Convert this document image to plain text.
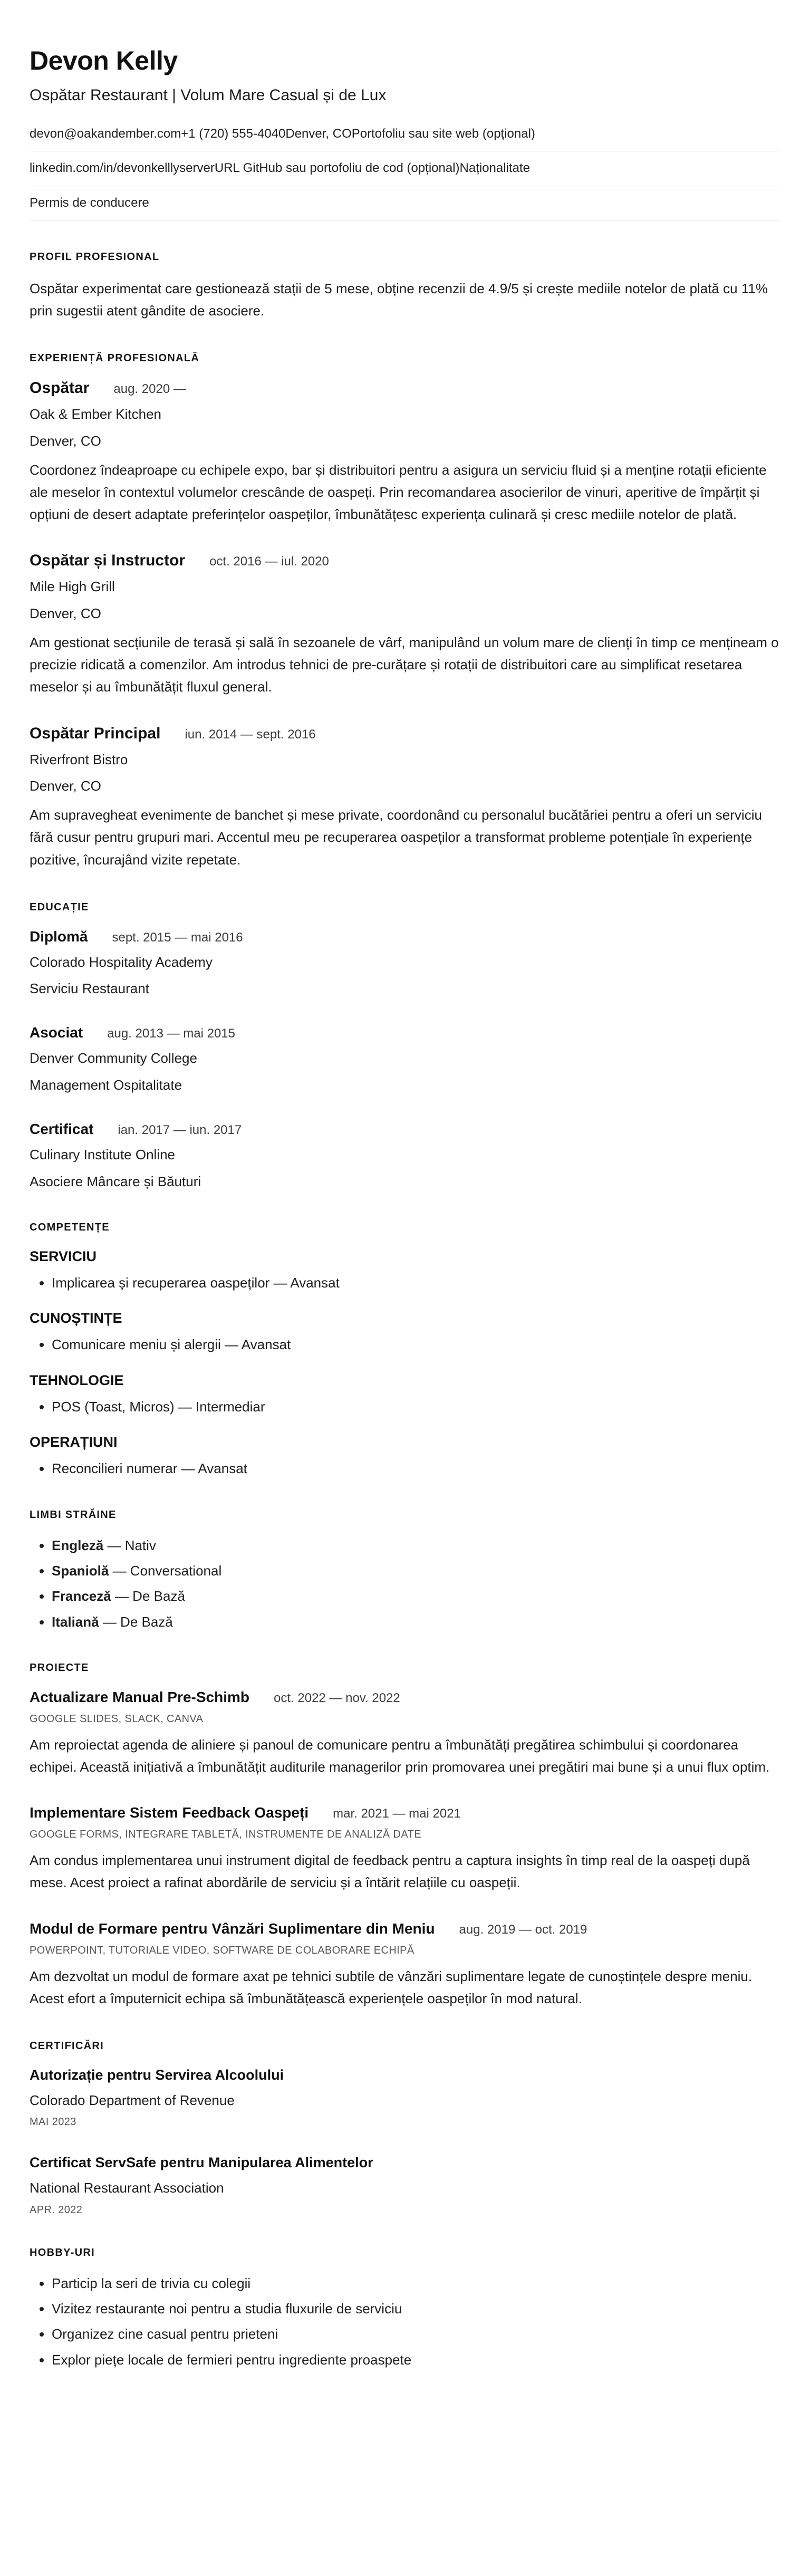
Devon Kelly
Ospătar Restaurant | Volum Mare Casual și de Lux
devon@oakandember.com+1 (720) 555-4040Denver, COPortofoliu sau site web (opțional)
linkedin.com/in/devonkelllyserverURL GitHub sau portofoliu de cod (opțional)Naționalitate
Permis de conducere
PROFIL PROFESIONAL

Ospătar experimentat care gestionează stații de 5 mese, obține recenzii de 4.9/5 și crește mediile notelor de plată cu 11% prin sugestii atent gândite de asociere.

EXPERIENȚĂ PROFESIONALĂ
Ospătar aug. 2020 —
Oak & Ember Kitchen
Denver, CO

Coordonez îndeaproape cu echipele expo, bar și distribuitori pentru a asigura un serviciu fluid și a menține rotații eficiente ale meselor în contextul volumelor crescânde de oaspeți. Prin recomandarea asocierilor de vinuri, aperitive de împărțit și opțiuni de desert adaptate preferințelor oaspeților, îmbunătățesc experiența culinară și cresc mediile notelor de plată.

Ospătar și Instructor oct. 2016 — iul. 2020
Mile High Grill
Denver, CO

Am gestionat secțiunile de terasă și sală în sezoanele de vârf, manipulând un volum mare de clienți în timp ce mențineam o precizie ridicată a comenzilor. Am introdus tehnici de pre-curățare și rotații de distribuitori care au simplificat resetarea meselor și au îmbunătățit fluxul general.

Ospătar Principal iun. 2014 — sept. 2016
Riverfront Bistro
Denver, CO

Am supravegheat evenimente de banchet și mese private, coordonând cu personalul bucătăriei pentru a oferi un serviciu fără cusur pentru grupuri mari. Accentul meu pe recuperarea oaspeților a transformat probleme potențiale în experiențe pozitive, încurajând vizite repetate.

EDUCAȚIE
Diplomă sept. 2015 — mai 2016
Colorado Hospitality Academy
Serviciu Restaurant
Asociat aug. 2013 — mai 2015
Denver Community College
Management Ospitalitate
Certificat ian. 2017 — iun. 2017
Culinary Institute Online
Asociere Mâncare și Băuturi
COMPETENȚE
SERVICIU
• Implicarea și recuperarea oaspeților — Avansat
CUNOȘTINȚE
• Comunicare meniu și alergii — Avansat
TEHNOLOGIE
• POS (Toast, Micros) — Intermediar
OPERAȚIUNI
• Reconcilieri numerar — Avansat
LIMBI STRĂINE
• Engleză — Nativ
• Spaniolă — Conversational
• Franceză — De Bază
• Italiană — De Bază
PROIECTE
Actualizare Manual Pre-Schimb oct. 2022 — nov. 2022
GOOGLE SLIDES, SLACK, CANVA

Am reproiectat agenda de aliniere și panoul de comunicare pentru a îmbunătăți pregătirea schimbului și coordonarea echipei. Această inițiativă a îmbunătățit auditurile managerilor prin promovarea unei pregătiri mai bune și a unui flux optim.

Implementare Sistem Feedback Oaspeți mar. 2021 — mai 2021
GOOGLE FORMS, INTEGRARE TABLETĂ, INSTRUMENTE DE ANALIZĂ DATE

Am condus implementarea unui instrument digital de feedback pentru a captura insights în timp real de la oaspeți după mese. Acest proiect a rafinat abordările de serviciu și a întărit relațiile cu oaspeții.

Modul de Formare pentru Vânzări Suplimentare din Meniu aug. 2019 — oct. 2019
POWERPOINT, TUTORIALE VIDEO, SOFTWARE DE COLABORARE ECHIPĂ

Am dezvoltat un modul de formare axat pe tehnici subtile de vânzări suplimentare legate de cunoștințele despre meniu. Acest efort a împuternicit echipa să îmbunătățească experiențele oaspeților în mod natural.

CERTIFICĂRI
Autorizație pentru Servirea Alcoolului
Colorado Department of Revenue
MAI 2023
Certificat ServSafe pentru Manipularea Alimentelor
National Restaurant Association
APR. 2022
HOBBY-URI
• Particip la seri de trivia cu colegii
• Vizitez restaurante noi pentru a studia fluxurile de serviciu
• Organizez cine casual pentru prieteni
• Explor piețe locale de fermieri pentru ingrediente proaspete
